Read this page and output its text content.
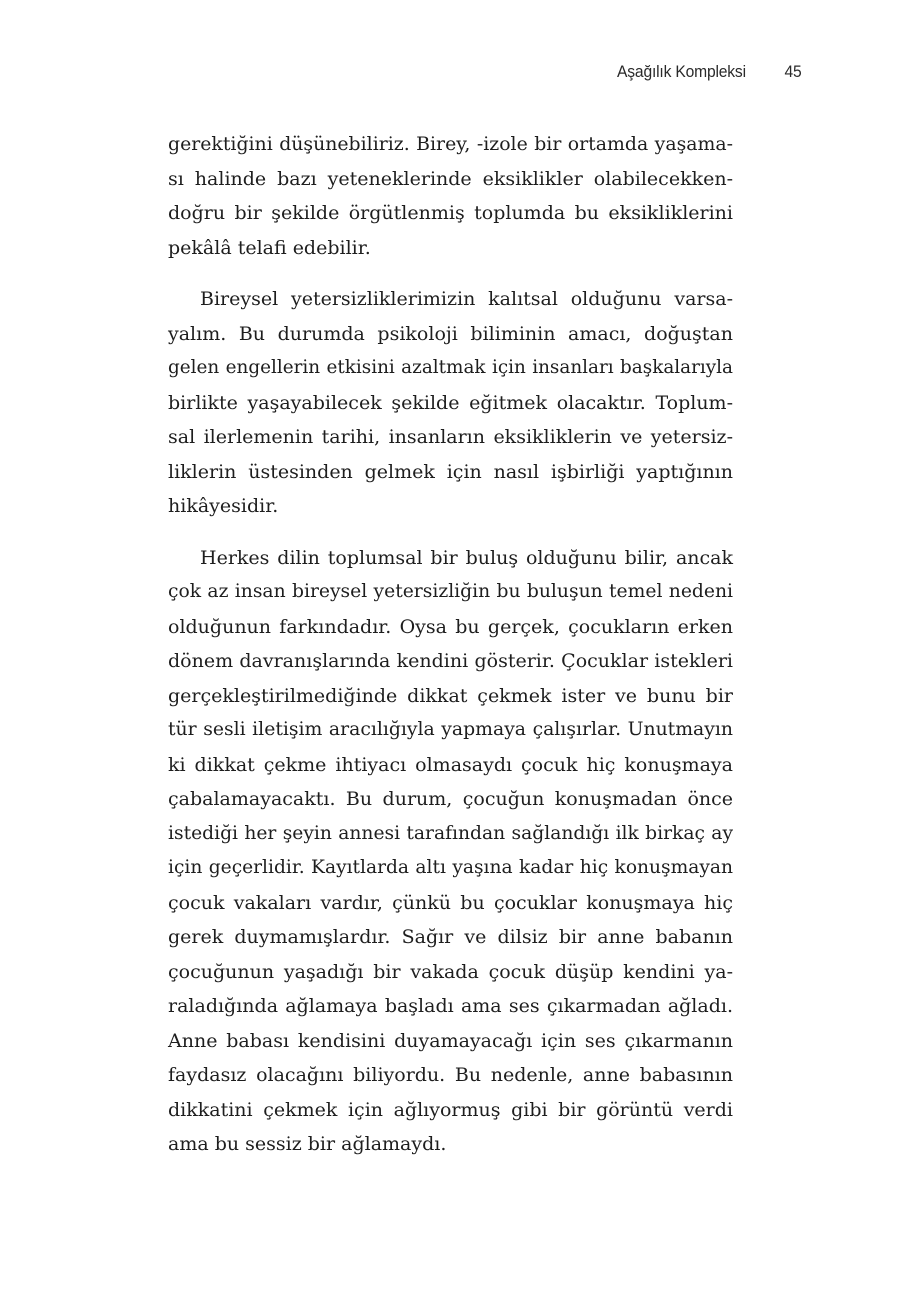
Aşağılık Kompleksi 45
gerektiğini düşünebiliriz. Birey, -izole bir ortamda yaşama-
sı halinde bazı yeteneklerinde eksiklikler olabilecekken-
doğru bir şekilde örgütlenmiş toplumda bu eksikliklerini
pekâlâ telafi edebilir.
Bireysel yetersizliklerimizin kalıtsal olduğunu varsa-
yalım. Bu durumda psikoloji biliminin amacı, doğuştan
gelen engellerin etkisini azaltmak için insanları başkalarıyla
birlikte yaşayabilecek şekilde eğitmek olacaktır. Toplum-
sal ilerlemenin tarihi, insanların eksikliklerin ve yetersiz-
liklerin üstesinden gelmek için nasıl işbirliği yaptığının
hikâyesidir.
Herkes dilin toplumsal bir buluş olduğunu bilir, ancak
çok az insan bireysel yetersizliğin bu buluşun temel nedeni
olduğunun farkındadır. Oysa bu gerçek, çocukların erken
dönem davranışlarında kendini gösterir. Çocuklar istekleri
gerçekleştirilmediğinde dikkat çekmek ister ve bunu bir
tür sesli iletişim aracılığıyla yapmaya çalışırlar. Unutmayın
ki dikkat çekme ihtiyacı olmasaydı çocuk hiç konuşmaya
çabalamayacaktı. Bu durum, çocuğun konuşmadan önce
istediği her şeyin annesi tarafından sağlandığı ilk birkaç ay
için geçerlidir. Kayıtlarda altı yaşına kadar hiç konuşmayan
çocuk vakaları vardır, çünkü bu çocuklar konuşmaya hiç
gerek duymamışlardır. Sağır ve dilsiz bir anne babanın
çocuğunun yaşadığı bir vakada çocuk düşüp kendini ya-
raladığında ağlamaya başladı ama ses çıkarmadan ağladı.
Anne babası kendisini duyamayacağı için ses çıkarmanın
faydasız olacağını biliyordu. Bu nedenle, anne babasının
dikkatini çekmek için ağlıyormuş gibi bir görüntü verdi
ama bu sessiz bir ağlamaydı.
